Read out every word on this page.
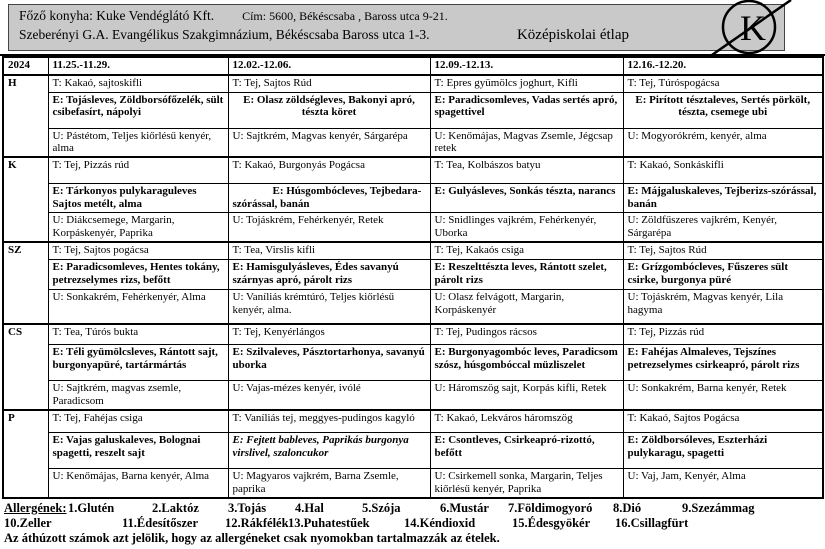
Főző konyha: Kuke Vendéglátó Kft. Cím: 5600, Békéscsaba , Baross utca 9-21.
Szeberényi G.A. Evangélikus Szakgimnázium, Békéscsaba Baross utca 1-3.	Középiskolai étlap	K
2024	11.25.-11.29.	12.02.-12.06.	12.09.-12.13.	12.16.-12.20.
H	T: Kakaó, sajtoskifli	T: Tej, Sajtos Rúd	T: Epres gyümölcs joghurt, Kifli	T: Tej, Túróspogácsa
	E: Tojásleves, Zöldborsófőzelék, sült csibefasírt, nápolyi	E: Olasz zöldségleves, Bakonyi apró, tészta köret	E: Paradicsomleves, Vadas sertés apró, spagettivel	E: Pirított tésztaleves, Sertés pörkölt, tészta, csemege ubi
	U: Pástétom, Teljes kiőrlésű kenyér, alma	U: Sajtkrém, Magvas kenyér, Sárgarépa	U: Kenőmájas, Magvas Zsemle, Jégcsap retek	U: Mogyorókrém, kenyér, alma
K	T: Tej, Pizzás rúd	T: Kakaó, Burgonyás Pogácsa	T: Tea, Kolbászos batyu	T: Kakaó, Sonkáskifli
	E: Tárkonyos pulykaraguleves Sajtos metélt, alma	E: Húsgombócleves, Tejbedara-szórással, banán	E: Gulyásleves, Sonkás tészta, narancs	E: Májgaluskaleves, Tejberizs-szórással, banán
	U: Diákcsemege, Margarin, Korpáskenyér, Paprika	U: Tojáskrém, Fehérkenyér, Retek	U: Snidlinges vajkrém, Fehérkenyér, Uborka	U: Zöldfűszeres vajkrém, Kenyér, Sárgarépa
SZ	T: Tej, Sajtos pogácsa	T: Tea, Virslis kifli	T: Tej, Kakaós csiga	T: Tej, Sajtos Rúd
	E: Paradicsomleves, Hentes tokány, petrezselymes rizs, befőtt	E: Hamisgulyásleves, Édes savanyú szárnyas apró, párolt rizs	E: Reszelttészta leves, Rántott szelet, párolt rizs	E: Grízgombócleves, Fűszeres sült csirke, burgonya püré
	U: Sonkakrém, Fehérkenyér, Alma	U: Vaníliás krémtúró, Teljes kiőrlésű kenyér, alma.	U: Olasz felvágott, Margarin, Korpáskenyér	U: Tojáskrém, Magvas kenyér, Lila hagyma
CS	T: Tea, Túrós bukta	T: Tej, Kenyérlángos	T: Tej, Pudingos rácsos	T: Tej, Pizzás rúd
	E: Téli gyümölcsleves, Rántott sajt, burgonyapüré, tartármártás	E: Szilvaleves, Pásztortarhonya, savanyú uborka	E: Burgonyagombóc leves, Paradicsom szósz, húsgombóccal müzliszelet	E: Fahéjas Almaleves, Tejszínes petrezselymes csirkeapró, párolt rizs
	U: Sajtkrém, magvas zsemle, Paradicsom	U: Vajas-mézes kenyér, ivólé	U: Háromszög sajt, Korpás kifli, Retek	U: Sonkakrém, Barna kenyér, Retek
P	T: Tej, Fahéjas csiga	T: Vaníliás tej, meggyes-pudingos kagyló	T: Kakaó, Lekváros háromszög	T: Kakaó, Sajtos Pogácsa
	E: Vajas galuskaleves, Bolognai spagetti, reszelt sajt	E: Fejtett bableves, Paprikás burgonya virslivel, szaloncukor	E: Csontleves, Csirkeapró-rizottó, befőtt	E: Zöldborsóleves, Eszterházi pulykaragu, spagetti
	U: Kenőmájas, Barna kenyér, Alma	U: Magyaros vajkrém, Barna Zsemle, paprika	U: Csirkemell sonka, Margarin, Teljes kiőrlésű kenyér, Paprika	U: Vaj, Jam, Kenyér, Alma
Allergének: 1.Glutén	2.Laktóz 3.Tojás 4.Hal	5.Szója	6.Mustár 7.Földimogyoró 8.Dió	9.Szezámmag
10.Zeller	11.Édesítőszer 12.Rákfélék 13.Puhatestűek	14.Kéndioxid	15.Édesgyökér 16.Csillagfürt
Az áthúzott számok azt jelölik, hogy az allergéneket csak nyomokban tartalmazzák az ételek.
